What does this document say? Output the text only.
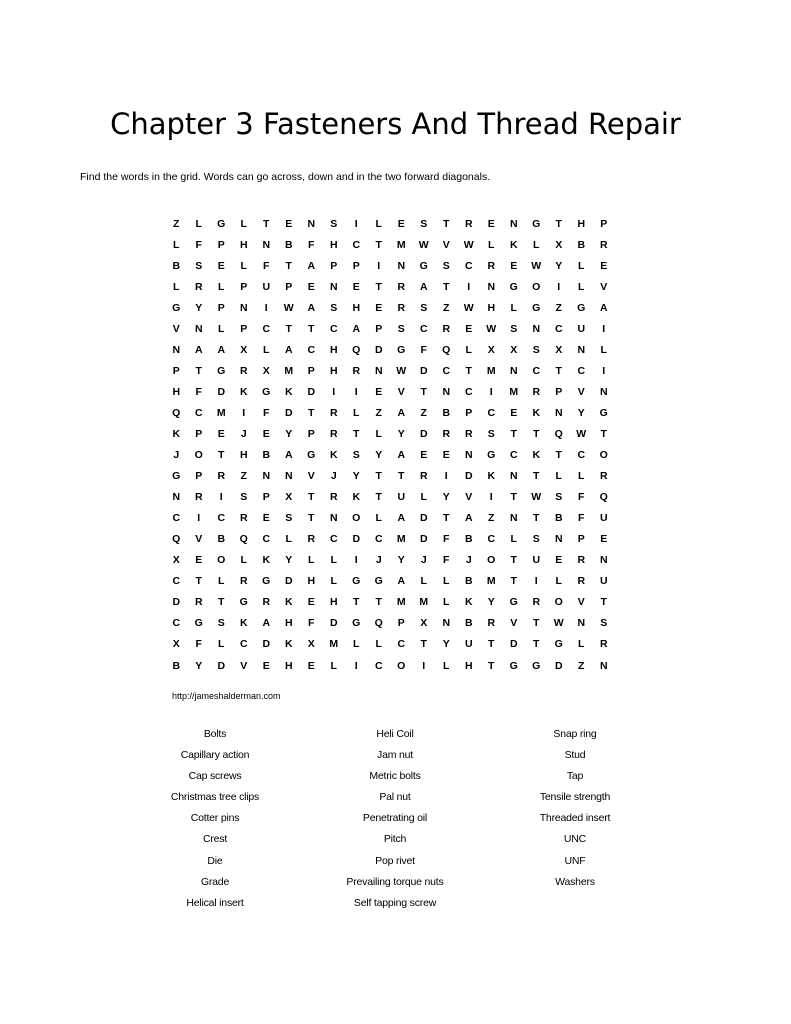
Chapter 3 Fasteners And Thread Repair

Find the words in the grid. Words can go across, down and in the two forward diagonals.

Z	L	G	L	T	E	N	S	I	L	E	S	T	R	E	N	G	T	H	P
L	F	P	H	N	B	F	H	C	T	M	W	V	W	L	K	L	X	B	R
B	S	E	L	F	T	A	P	P	I	N	G	S	C	R	E	W	Y	L	E
L	R	L	P	U	P	E	N	E	T	R	A	T	I	N	G	O	I	L	V
G	Y	P	N	I	W	A	S	H	E	R	S	Z	W	H	L	G	Z	G	A
V	N	L	P	C	T	T	C	A	P	S	C	R	E	W	S	N	C	U	I
N	A	A	X	L	A	C	H	Q	D	G	F	Q	L	X	X	S	X	N	L
P	T	G	R	X	M	P	H	R	N	W	D	C	T	M	N	C	T	C	I
H	F	D	K	G	K	D	I	I	E	V	T	N	C	I	M	R	P	V	N
Q	C	M	I	F	D	T	R	L	Z	A	Z	B	P	C	E	K	N	Y	G
K	P	E	J	E	Y	P	R	T	L	Y	D	R	R	S	T	T	Q	W	T
J	O	T	H	B	A	G	K	S	Y	A	E	E	N	G	C	K	T	C	O
G	P	R	Z	N	N	V	J	Y	T	T	R	I	D	K	N	T	L	L	R
N	R	I	S	P	X	T	R	K	T	U	L	Y	V	I	T	W	S	F	Q
C	I	C	R	E	S	T	N	O	L	A	D	T	A	Z	N	T	B	F	U
Q	V	B	Q	C	L	R	C	D	C	M	D	F	B	C	L	S	N	P	E
X	E	O	L	K	Y	L	L	I	J	Y	J	F	J	O	T	U	E	R	N
C	T	L	R	G	D	H	L	G	G	A	L	L	B	M	T	I	L	R	U
D	R	T	G	R	K	E	H	T	T	M	M	L	K	Y	G	R	O	V	T
C	G	S	K	A	H	F	D	G	Q	P	X	N	B	R	V	T	W	N	S
X	F	L	C	D	K	X	M	L	L	C	T	Y	U	T	D	T	G	L	R
B	Y	D	V	E	H	E	L	I	C	O	I	L	H	T	G	G	D	Z	N
http://jameshalderman.com
Bolts
Capillary action
Cap screws
Christmas tree clips
Cotter pins
Crest
Die
Grade
Helical insert
Heli Coil
Jam nut
Metric bolts
Pal nut
Penetrating oil
Pitch
Pop rivet
Prevailing torque nuts
Self tapping screw
Snap ring
Stud
Tap
Tensile strength
Threaded insert
UNC
UNF
Washers
